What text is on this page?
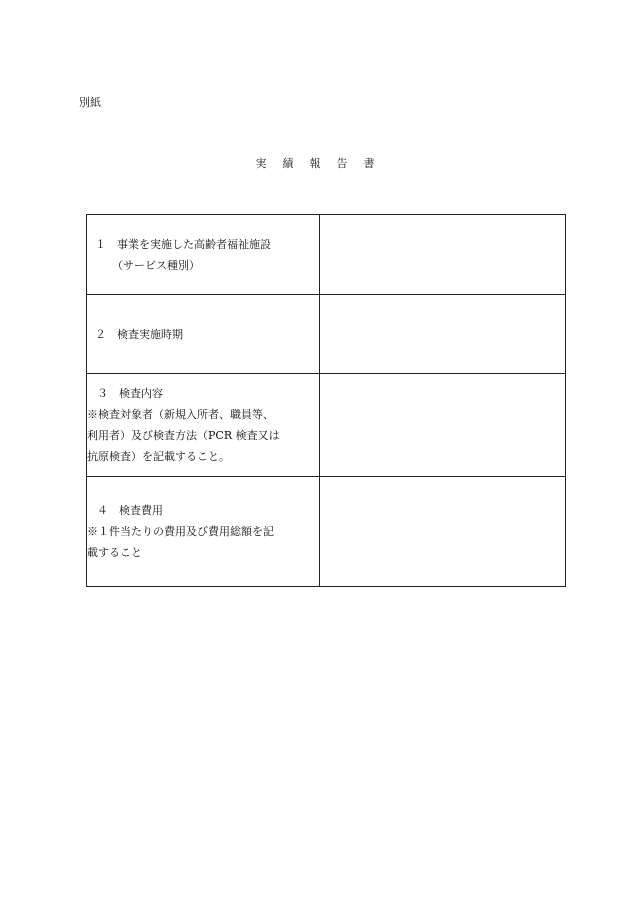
別紙
実 績 報 告 書
１　事業を実施した高齢者福祉施設
（サービス種別）	

２　検査実施時期	

３　検査内容
※検査対象者（新規入所者、職員等、
利用者）及び検査方法（PCR 検査又は
抗原検査）を記載すること。	

４　検査費用
※１件当たりの費用及び費用総額を記
載すること	
